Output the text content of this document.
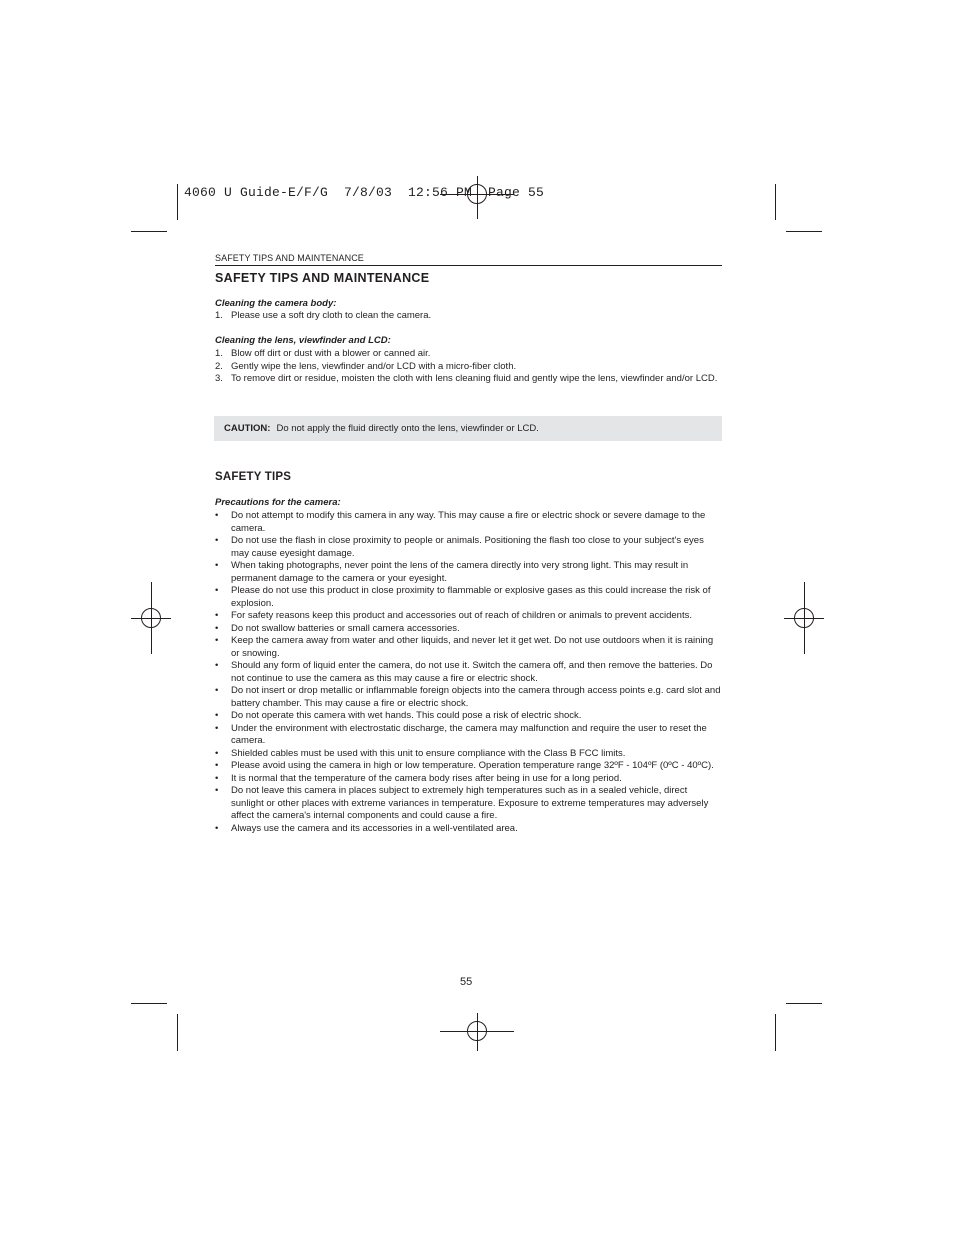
4060 U Guide-E/F/G  7/8/03  12:56 PM  Page 55
SAFETY TIPS AND MAINTENANCE
SAFETY TIPS AND MAINTENANCE
Cleaning the camera body:
1. Please use a soft dry cloth to clean the camera.
Cleaning the lens, viewfinder and LCD:
1. Blow off dirt or dust with a blower or canned air.
2. Gently wipe the lens, viewfinder and/or LCD with a micro-fiber cloth.
3. To remove dirt or residue, moisten the cloth with lens cleaning fluid and gently wipe the lens, viewfinder and/or LCD.
CAUTION: Do not apply the fluid directly onto the lens, viewfinder or LCD.
SAFETY TIPS
Precautions for the camera:
•	Do not attempt to modify this camera in any way. This may cause a fire or electric shock or severe damage to the camera.
•	Do not use the flash in close proximity to people or animals. Positioning the flash too close to your subject's eyes may cause eyesight damage.
•	When taking photographs, never point the lens of the camera directly into very strong light. This may result in permanent damage to the camera or your eyesight.
•	Please do not use this product in close proximity to flammable or explosive gases as this could increase the risk of explosion.
•	For safety reasons keep this product and accessories out of reach of children or animals to prevent accidents.
•	Do not swallow batteries or small camera accessories.
•	Keep the camera away from water and other liquids, and never let it get wet. Do not use outdoors when it is raining or snowing.
•	Should any form of liquid enter the camera, do not use it. Switch the camera off, and then remove the batteries. Do not continue to use the camera as this may cause a fire or electric shock.
•	Do not insert or drop metallic or inflammable foreign objects into the camera through access points e.g. card slot and battery chamber. This may cause a fire or electric shock.
•	Do not operate this camera with wet hands. This could pose a risk of electric shock.
•	Under the environment with electrostatic discharge, the camera may malfunction and require the user to reset the camera.
•	Shielded cables must be used with this unit to ensure compliance with the Class B FCC limits.
•	Please avoid using the camera in high or low temperature. Operation temperature range 32ºF - 104ºF (0ºC - 40ºC).
•	It is normal that the temperature of the camera body rises after being in use for a long period.
•	Do not leave this camera in places subject to extremely high temperatures such as in a sealed vehicle, direct sunlight or other places with extreme variances in temperature. Exposure to extreme temperatures may adversely affect the camera's internal components and could cause a fire.
•	Always use the camera and its accessories in a well-ventilated area.
55
